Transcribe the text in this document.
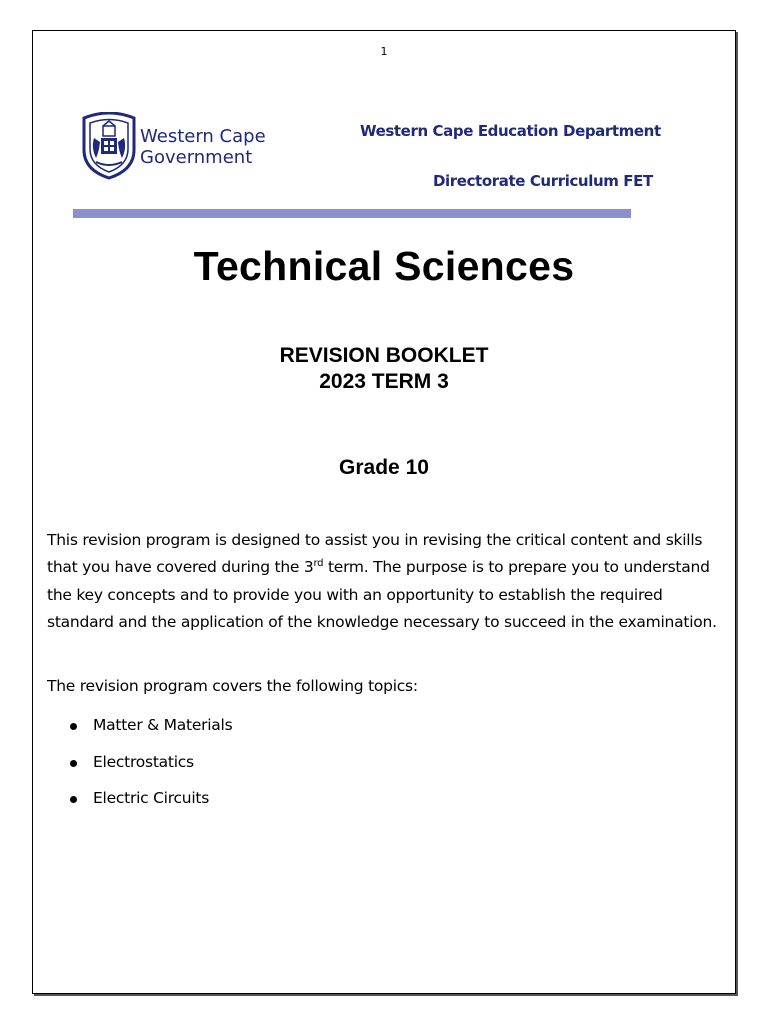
1
Western Cape
Government
Western Cape Education Department
Directorate Curriculum FET
Technical Sciences
REVISION BOOKLET
2023 TERM 3
Grade 10
This revision program is designed to assist you in revising the critical content and skills that you have covered during the 3rd term. The purpose is to prepare you to understand the key concepts and to provide you with an opportunity to establish the required standard and the application of the knowledge necessary to succeed in the examination.
The revision program covers the following topics:
Matter & Materials
Electrostatics
Electric Circuits
